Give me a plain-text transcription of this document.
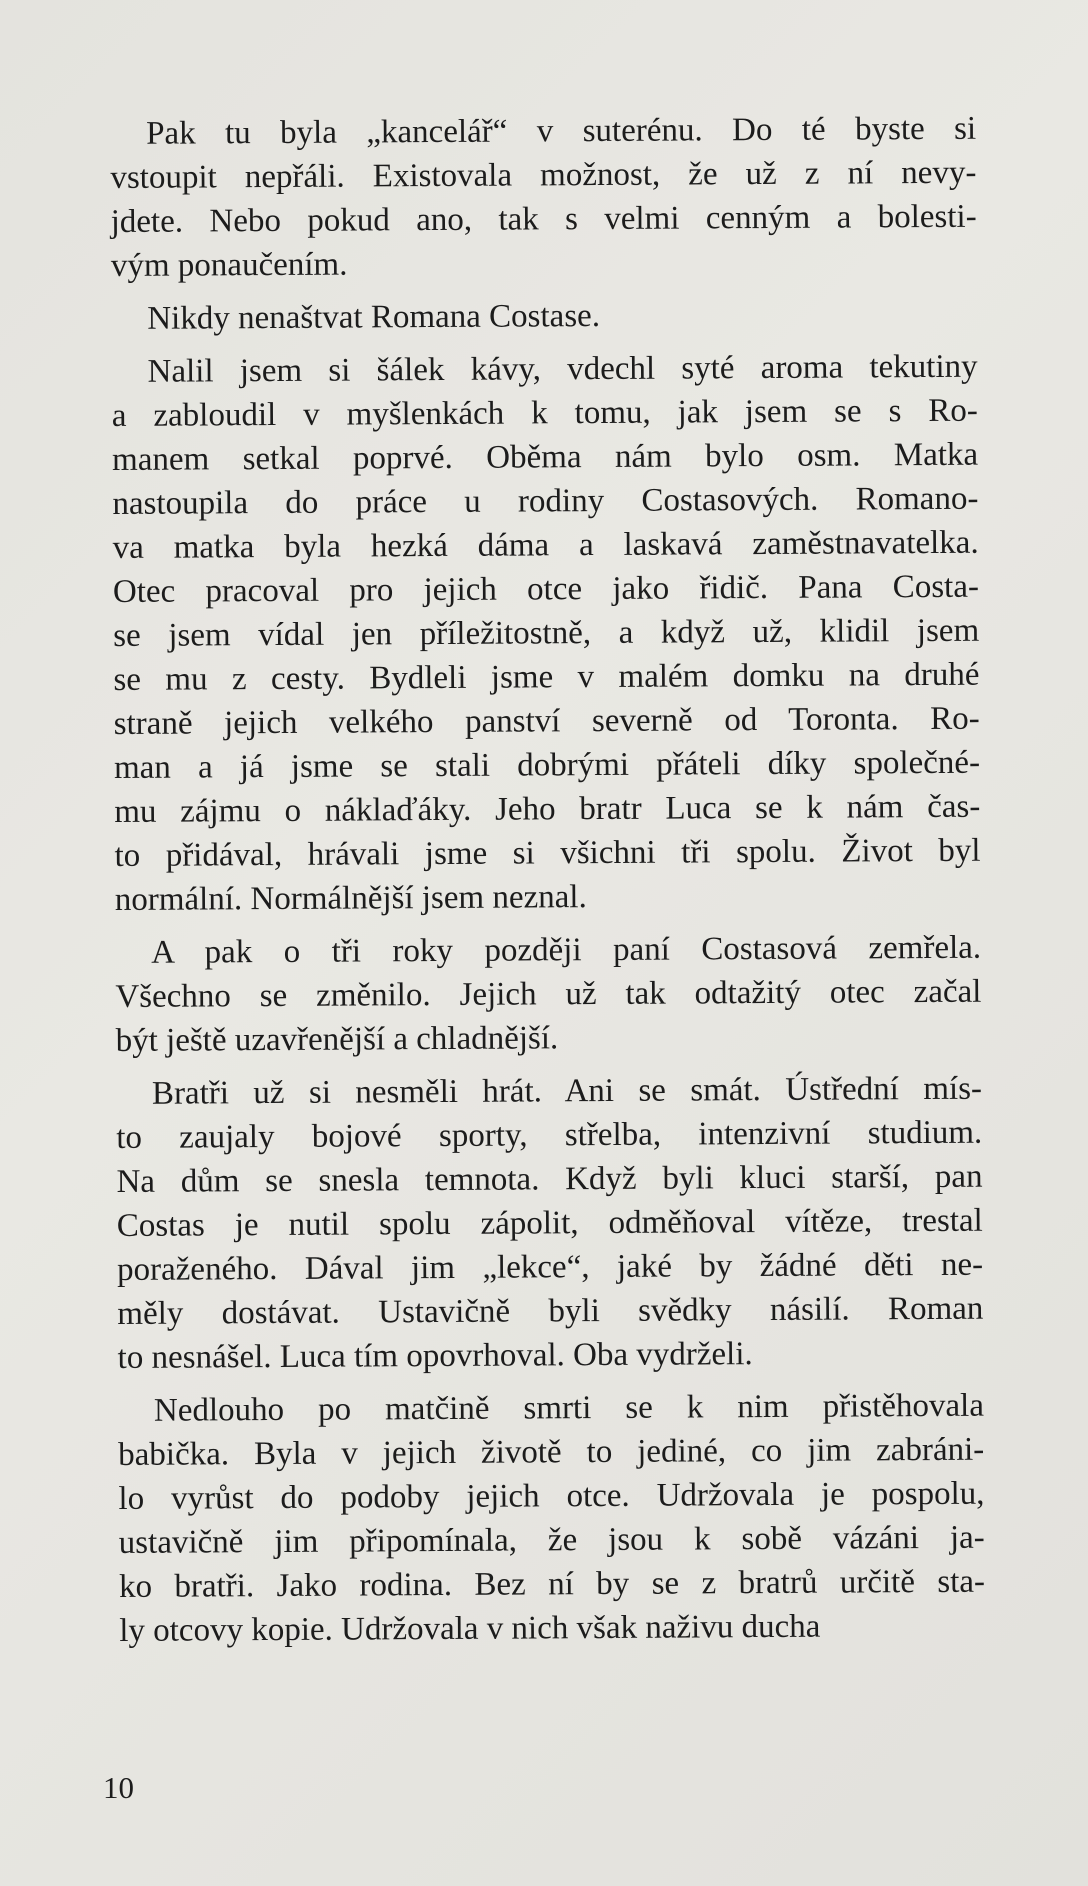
Pak tu byla „kancelář“ v suterénu. Do té byste si
vstoupit nepřáli. Existovala možnost, že už z ní nevy-
jdete. Nebo pokud ano, tak s velmi cenným a bolesti-
vým ponaučením.
Nikdy nenaštvat Romana Costase.
Nalil jsem si šálek kávy, vdechl syté aroma tekutiny
a zabloudil v myšlenkách k tomu, jak jsem se s Ro-
manem setkal poprvé. Oběma nám bylo osm. Matka
nastoupila do práce u rodiny Costasových. Romano-
va matka byla hezká dáma a laskavá zaměstnavatelka.
Otec pracoval pro jejich otce jako řidič. Pana Costa-
se jsem vídal jen příležitostně, a když už, klidil jsem
se mu z cesty. Bydleli jsme v malém domku na druhé
straně jejich velkého panství severně od Toronta. Ro-
man a já jsme se stali dobrými přáteli díky společné-
mu zájmu o náklaďáky. Jeho bratr Luca se k nám čas-
to přidával, hrávali jsme si všichni tři spolu. Život byl
normální. Normálnější jsem neznal.
A pak o tři roky později paní Costasová zemřela.
Všechno se změnilo. Jejich už tak odtažitý otec začal
být ještě uzavřenější a chladnější.
Bratři už si nesměli hrát. Ani se smát. Ústřední mís-
to zaujaly bojové sporty, střelba, intenzivní studium.
Na dům se snesla temnota. Když byli kluci starší, pan
Costas je nutil spolu zápolit, odměňoval vítěze, trestal
poraženého. Dával jim „lekce“, jaké by žádné děti ne-
měly dostávat. Ustavičně byli svědky násilí. Roman
to nesnášel. Luca tím opovrhoval. Oba vydrželi.
Nedlouho po matčině smrti se k nim přistěhovala
babička. Byla v jejich životě to jediné, co jim zabráni-
lo vyrůst do podoby jejich otce. Udržovala je pospolu,
ustavičně jim připomínala, že jsou k sobě vázáni ja-
ko bratři. Jako rodina. Bez ní by se z bratrů určitě sta-
ly otcovy kopie. Udržovala v nich však naživu ducha
10
